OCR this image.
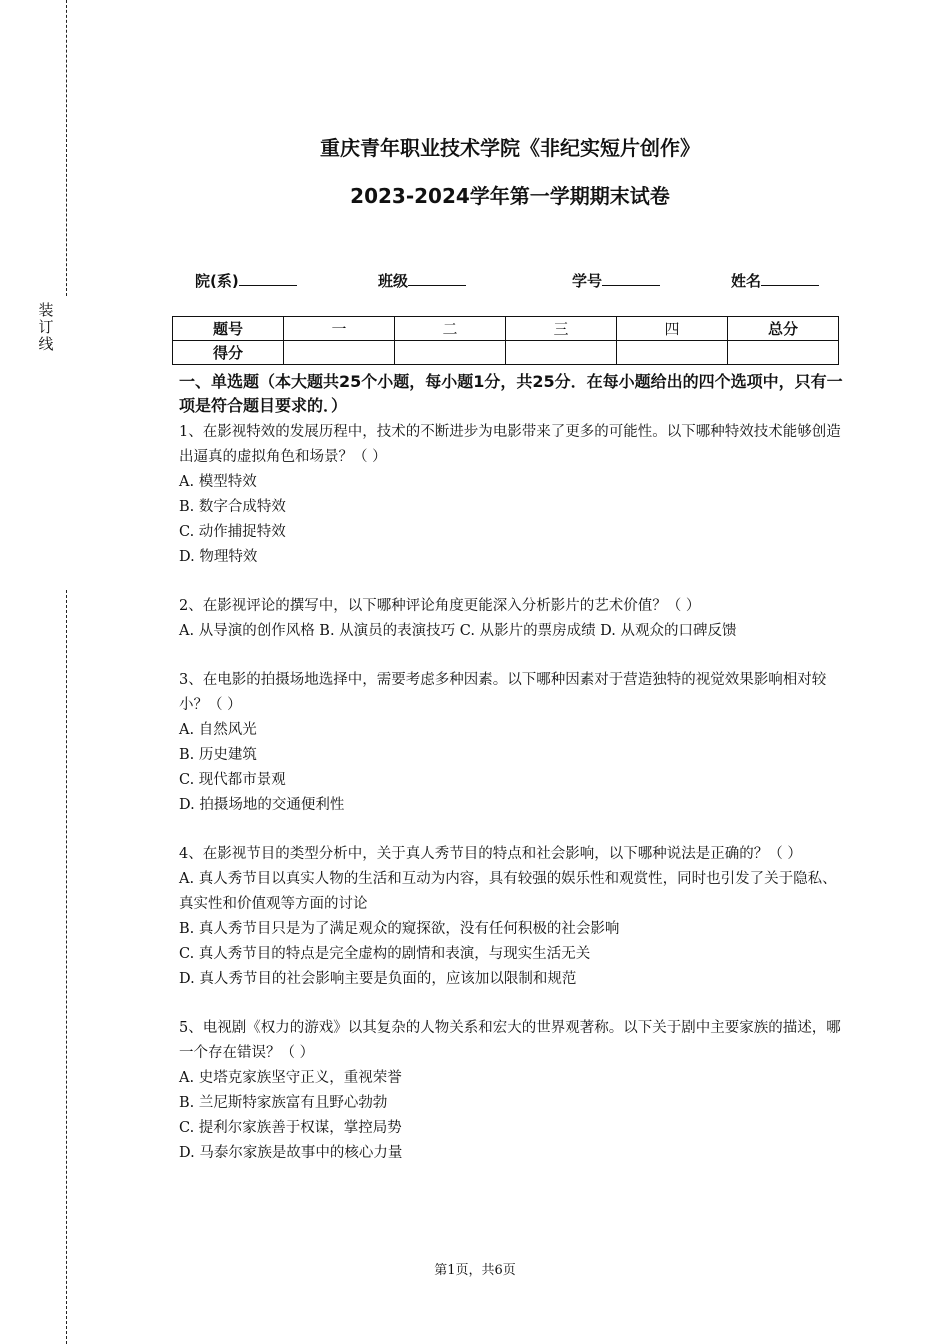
装
订
线
重庆青年职业技术学院《非纪实短片创作》
2023-2024学年第一学期期末试卷
院(系)	班级	学号	姓名
题号	一	二	三	四	总分
得分					
一、单选题（本大题共25个小题，每小题1分，共25分．在每小题给出的四个选项中，只有一项是符合题目要求的．）

1、在影视特效的发展历程中，技术的不断进步为电影带来了更多的可能性。以下哪种特效技术能够创造出逼真的虚拟角色和场景？（ ）

A. 模型特效

B. 数字合成特效

C. 动作捕捉特效

D. 物理特效

2、在影视评论的撰写中，以下哪种评论角度更能深入分析影片的艺术价值？（ ）

A. 从导演的创作风格 B. 从演员的表演技巧 C. 从影片的票房成绩 D. 从观众的口碑反馈

3、在电影的拍摄场地选择中，需要考虑多种因素。以下哪种因素对于营造独特的视觉效果影响相对较小？（ ）

A. 自然风光

B. 历史建筑

C. 现代都市景观

D. 拍摄场地的交通便利性

4、在影视节目的类型分析中，关于真人秀节目的特点和社会影响，以下哪种说法是正确的？（ ）

A. 真人秀节目以真实人物的生活和互动为内容，具有较强的娱乐性和观赏性，同时也引发了关于隐私、真实性和价值观等方面的讨论

B. 真人秀节目只是为了满足观众的窥探欲，没有任何积极的社会影响

C. 真人秀节目的特点是完全虚构的剧情和表演，与现实生活无关

D. 真人秀节目的社会影响主要是负面的，应该加以限制和规范

5、电视剧《权力的游戏》以其复杂的人物关系和宏大的世界观著称。以下关于剧中主要家族的描述，哪一个存在错误？（ ）

A. 史塔克家族坚守正义，重视荣誉

B. 兰尼斯特家族富有且野心勃勃

C. 提利尔家族善于权谋，掌控局势

D. 马泰尔家族是故事中的核心力量

第1页，共6页
